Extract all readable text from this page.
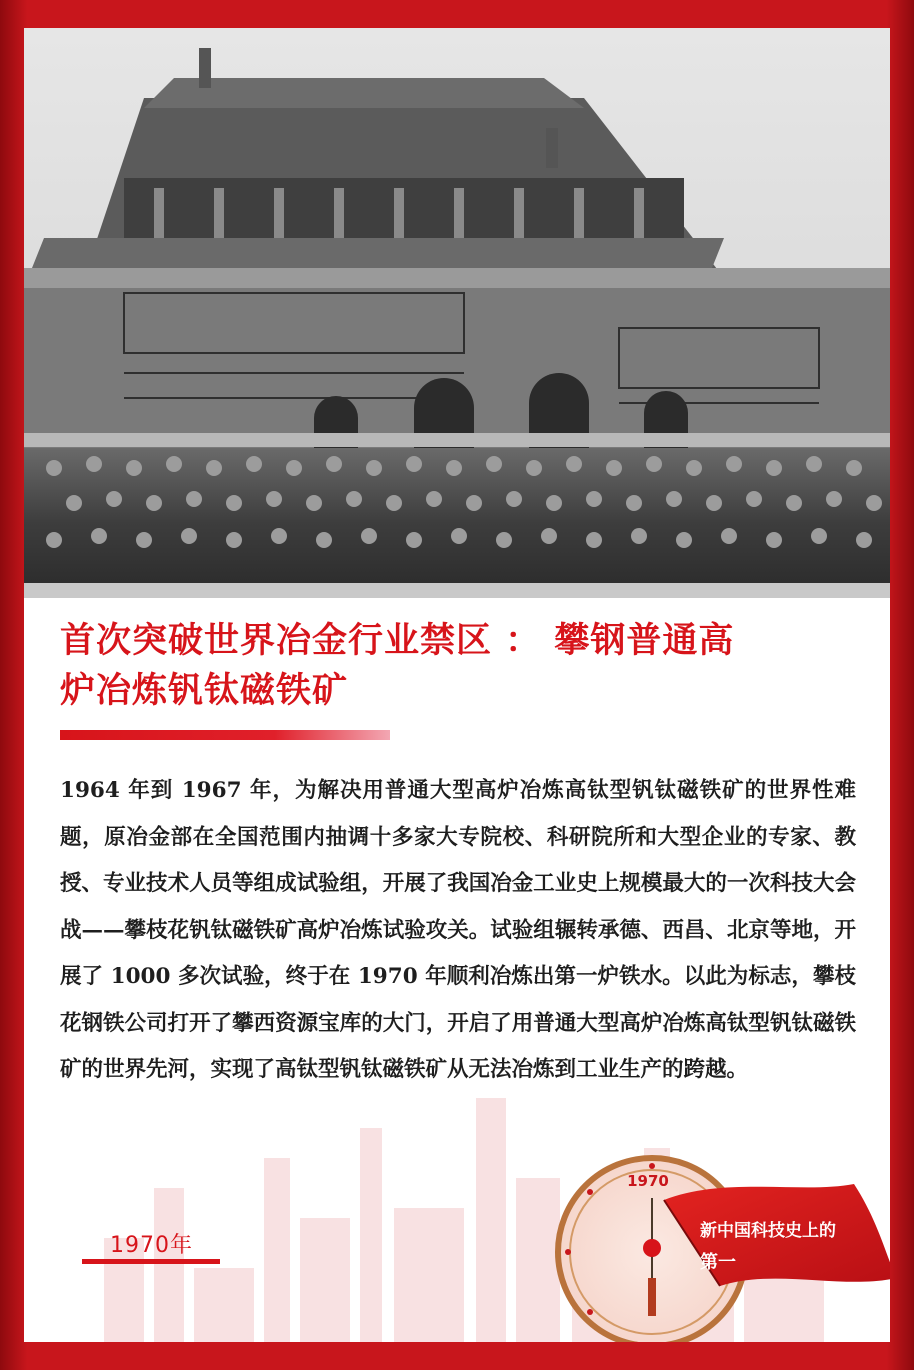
首次突破世界冶金行业禁区 ： 攀钢普通高
炉冶炼钒钛磁铁矿
1964 年到 1967 年，为解决用普通大型高炉冶炼高钛型钒钛磁铁矿的世界性难题，原冶金部在全国范围内抽调十多家大专院校、科研院所和大型企业的专家、教授、专业技术人员等组成试验组，开展了我国冶金工业史上规模最大的一次科技大会战——攀枝花钒钛磁铁矿高炉冶炼试验攻关。试验组辗转承德、西昌、北京等地，开展了 1000 多次试验，终于在 1970 年顺利冶炼出第一炉铁水。以此为标志，攀枝花钢铁公司打开了攀西资源宝库的大门，开启了用普通大型高炉冶炼高钛型钒钛磁铁矿的世界先河，实现了高钛型钒钛磁铁矿从无法冶炼到工业生产的跨越。
1970年
1970
新中国科技史上的
第一
